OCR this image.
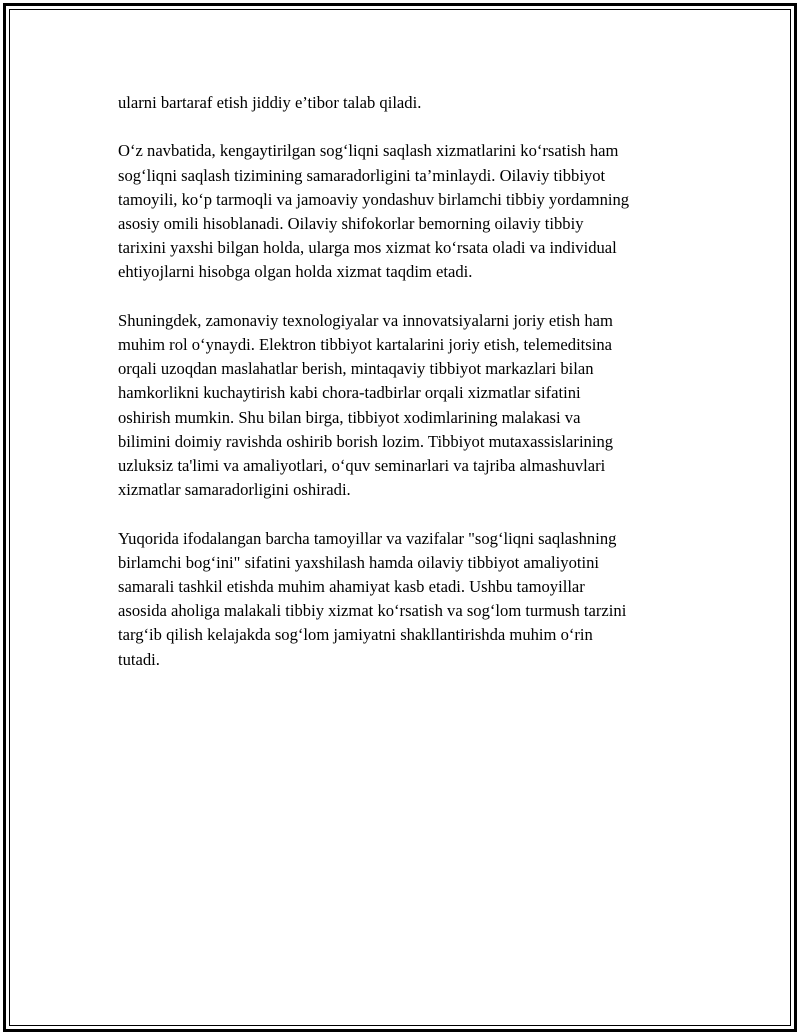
ularni bartaraf etish jiddiy e’tibor talab qiladi.
O‘z navbatida, kengaytirilgan sog‘liqni saqlash xizmatlarini ko‘rsatish ham
sog‘liqni saqlash tizimining samaradorligini ta’minlaydi. Oilaviy tibbiyot
tamoyili, ko‘p tarmoqli va jamoaviy yondashuv birlamchi tibbiy yordamning
asosiy omili hisoblanadi. Oilaviy shifokorlar bemorning oilaviy tibbiy
tarixini yaxshi bilgan holda, ularga mos xizmat ko‘rsata oladi va individual
ehtiyojlarni hisobga olgan holda xizmat taqdim etadi.
Shuningdek, zamonaviy texnologiyalar va innovatsiyalarni joriy etish ham
muhim rol o‘ynaydi. Elektron tibbiyot kartalarini joriy etish, telemeditsina
orqali uzoqdan maslahatlar berish, mintaqaviy tibbiyot markazlari bilan
hamkorlikni kuchaytirish kabi chora-tadbirlar orqali xizmatlar sifatini
oshirish mumkin. Shu bilan birga, tibbiyot xodimlarining malakasi va
bilimini doimiy ravishda oshirib borish lozim. Tibbiyot mutaxassislarining
uzluksiz ta'limi va amaliyotlari, o‘quv seminarlari va tajriba almashuvlari
xizmatlar samaradorligini oshiradi.
Yuqorida ifodalangan barcha tamoyillar va vazifalar "sog‘liqni saqlashning
birlamchi bog‘ini" sifatini yaxshilash hamda oilaviy tibbiyot amaliyotini
samarali tashkil etishda muhim ahamiyat kasb etadi. Ushbu tamoyillar
asosida aholiga malakali tibbiy xizmat ko‘rsatish va sog‘lom turmush tarzini
targ‘ib qilish kelajakda sog‘lom jamiyatni shakllantirishda muhim o‘rin
tutadi.
